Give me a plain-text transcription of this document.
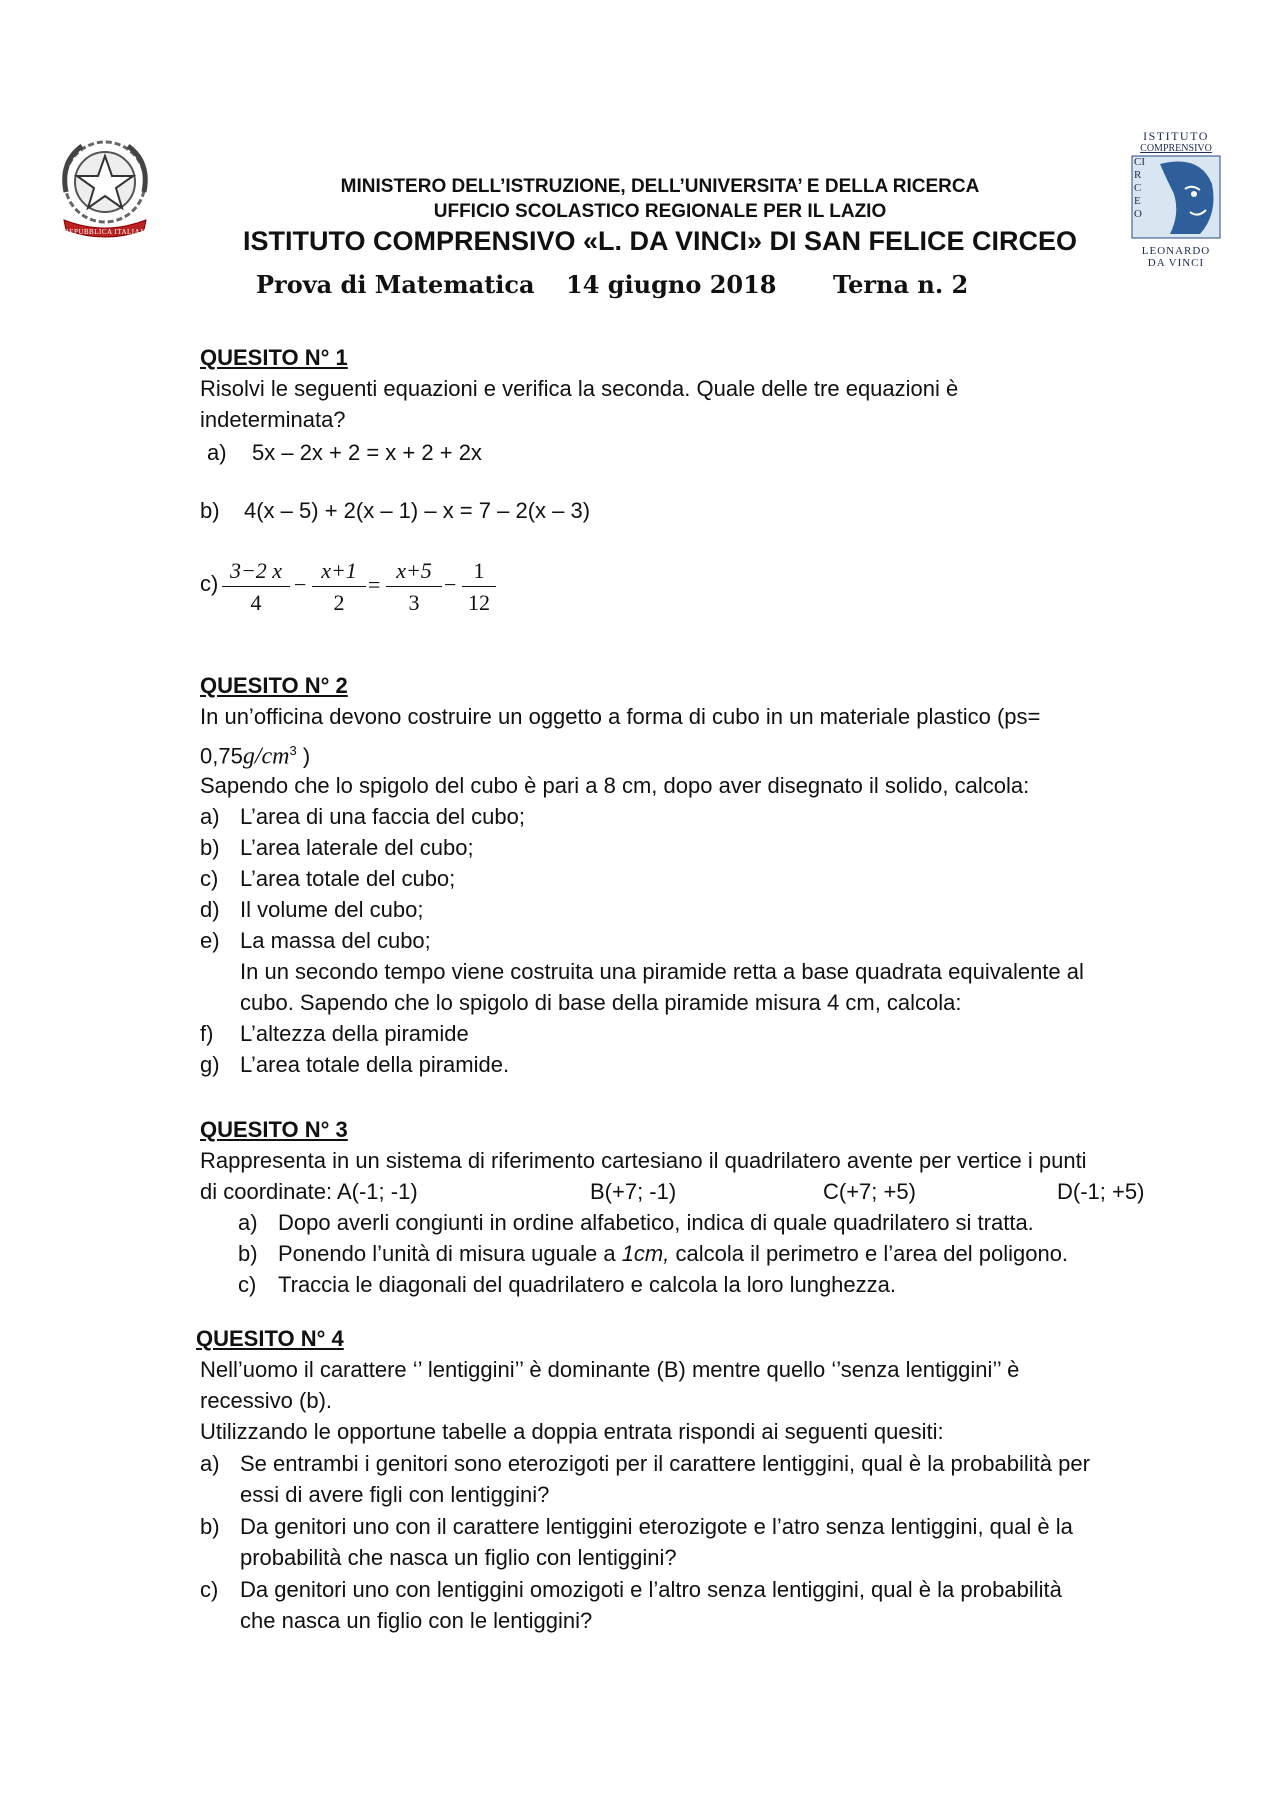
REPUBBLICA ITALIANA
ISTITUTO
COMPRENSIVO
LEONARDO
DA VINCI
CIRCEO
MINISTERO DELL’ISTRUZIONE, DELL’UNIVERSITA’ E DELLA RICERCA
UFFICIO SCOLASTICO REGIONALE PER IL LAZIO
ISTITUTO COMPRENSIVO «L. DA VINCI» DI SAN FELICE CIRCEO
Prova di Matematica 14 giugno 2018 Terna n. 2
QUESITO N° 1
Risolvi le seguenti equazioni e verifica la seconda. Quale delle tre equazioni è
indeterminata?
a) 5x – 2x + 2 = x + 2 + 2x
b) 4(x – 5) + 2(x – 1) – x = 7 – 2(x – 3)
$c) \frac{3-2 x}{4} - \frac{x+1}{2} = \frac{x+5}{3} - \frac{1}{12}$
QUESITO N° 2
In un’officina devono costruire un oggetto a forma di cubo in un materiale plastico (ps=
$0,75g/cm^3$ )
Sapendo che lo spigolo del cubo è pari a 8 cm, dopo aver disegnato il solido, calcola:
a) L’area di una faccia del cubo;
b) L’area laterale del cubo;
c) L’area totale del cubo;
d) Il volume del cubo;
e) La massa del cubo;
In un secondo tempo viene costruita una piramide retta a base quadrata equivalente al
cubo. Sapendo che lo spigolo di base della piramide misura 4 cm, calcola:
f) L’altezza della piramide
g) L’area totale della piramide.
QUESITO N° 3
Rappresenta in un sistema di riferimento cartesiano il quadrilatero avente per vertice i punti
di coordinate: A(-1; -1)	B(+7; -1)	C(+7; +5)	D(-1; +5)
a) Dopo averli congiunti in ordine alfabetico, indica di quale quadrilatero si tratta.
b) Ponendo l’unità di misura uguale a 1cm, calcola il perimetro e l’area del poligono.
c) Traccia le diagonali del quadrilatero e calcola la loro lunghezza.
QUESITO N° 4
Nell’uomo il carattere ‘’ lentiggini’’ è dominante (B) mentre quello ‘’senza lentiggini’’ è
recessivo (b).
Utilizzando le opportune tabelle a doppia entrata rispondi ai seguenti quesiti:
a) Se entrambi i genitori sono eterozigoti per il carattere lentiggini, qual è la probabilità per
essi di avere figli con lentiggini?
b) Da genitori uno con il carattere lentiggini eterozigote e l’atro senza lentiggini, qual è la
probabilità che nasca un figlio con lentiggini?
c) Da genitori uno con lentiggini omozigoti e l’altro senza lentiggini, qual è la probabilità
che nasca un figlio con le lentiggini?
